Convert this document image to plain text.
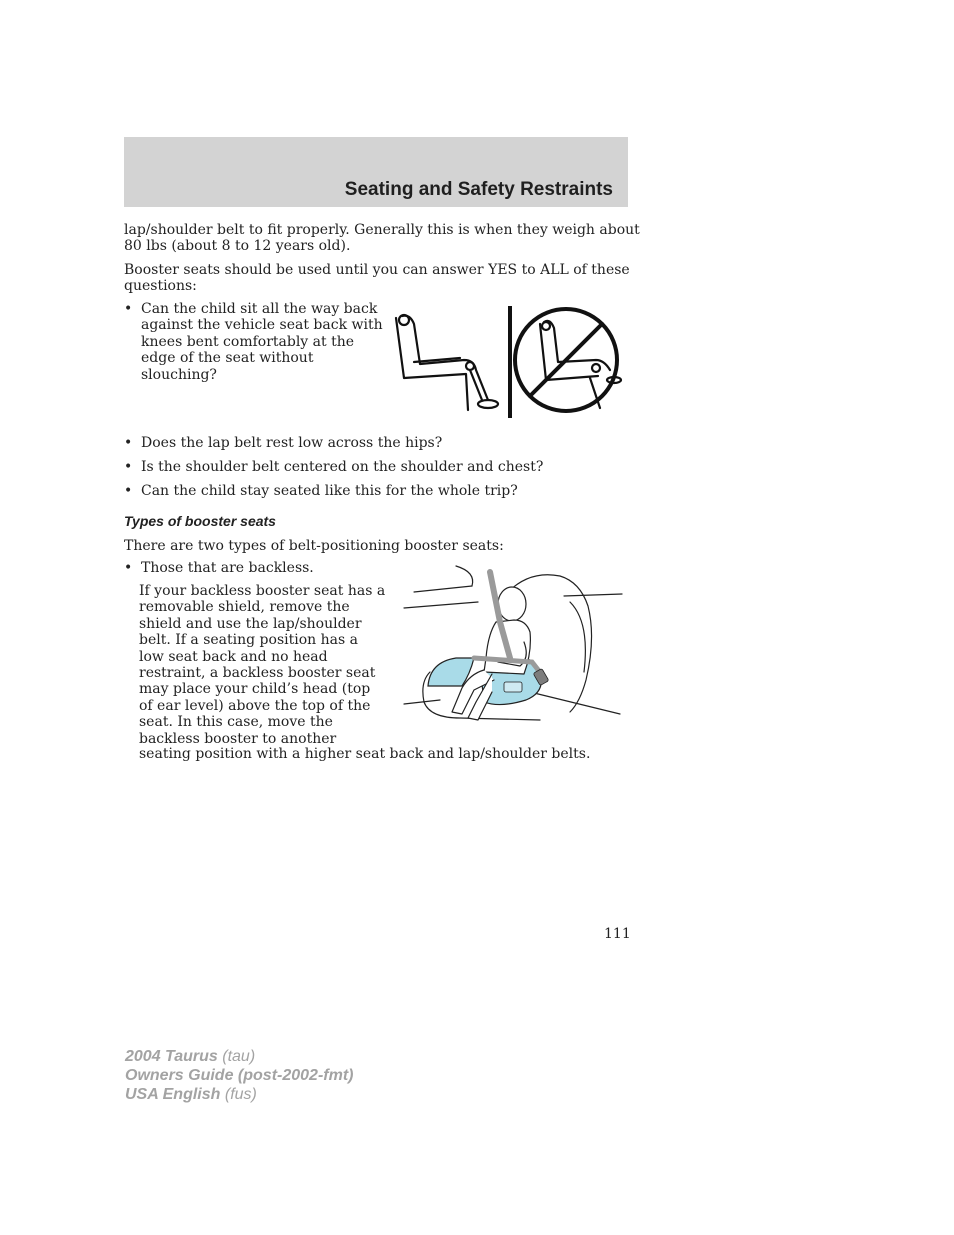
Seating and Safety Restraints
lap/shoulder belt to fit properly. Generally this is when they weigh about
80 lbs (about 8 to 12 years old).
Booster seats should be used until you can answer YES to ALL of these
questions:
• Can the child sit all the way back
against the vehicle seat back with
knees bent comfortably at the
edge of the seat without
slouching?
• Does the lap belt rest low across the hips?
• Is the shoulder belt centered on the shoulder and chest?
• Can the child stay seated like this for the whole trip?
Types of booster seats
There are two types of belt-positioning booster seats:
• Those that are backless.
If your backless booster seat has a
removable shield, remove the
shield and use the lap/shoulder
belt. If a seating position has a
low seat back and no head
restraint, a backless booster seat
may place your child’s head (top
of ear level) above the top of the
seat. In this case, move the
backless booster to another
seating position with a higher seat back and lap/shoulder belts.
111
2004 Taurus (tau)
Owners Guide (post-2002-fmt)
USA English (fus)
